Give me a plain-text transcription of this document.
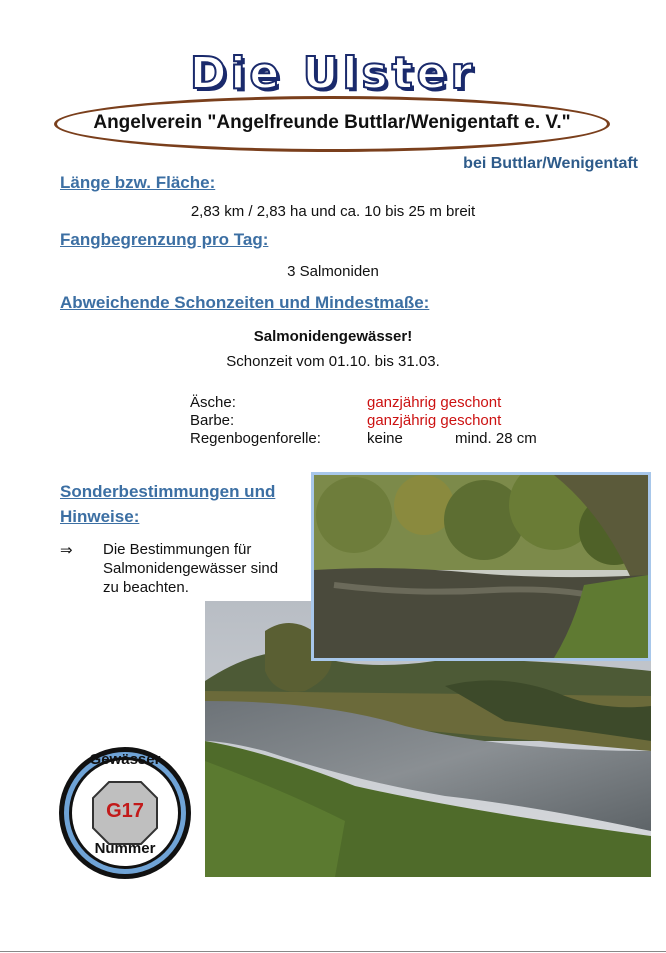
Die Ulster
Angelverein "Angelfreunde Buttlar/Wenigentaft e. V."
bei Buttlar/Wenigentaft
Länge bzw. Fläche:
2,83 km / 2,83 ha und ca. 10 bis 25 m breit
Fangbegrenzung pro Tag:
3 Salmoniden
Abweichende Schonzeiten und Mindestmaße:
Salmonidengewässer!
Schonzeit vom 01.10. bis 31.03.
Äsche:	ganzjährig geschont
Barbe:	ganzjährig geschont
Regenbogenforelle:	keine	mind. 28 cm
Sonderbestimmungen und
Hinweise:
⇒ Die Bestimmungen für
Salmonidengewässer sind
zu beachten.
Gewässer
G17
Nummer
